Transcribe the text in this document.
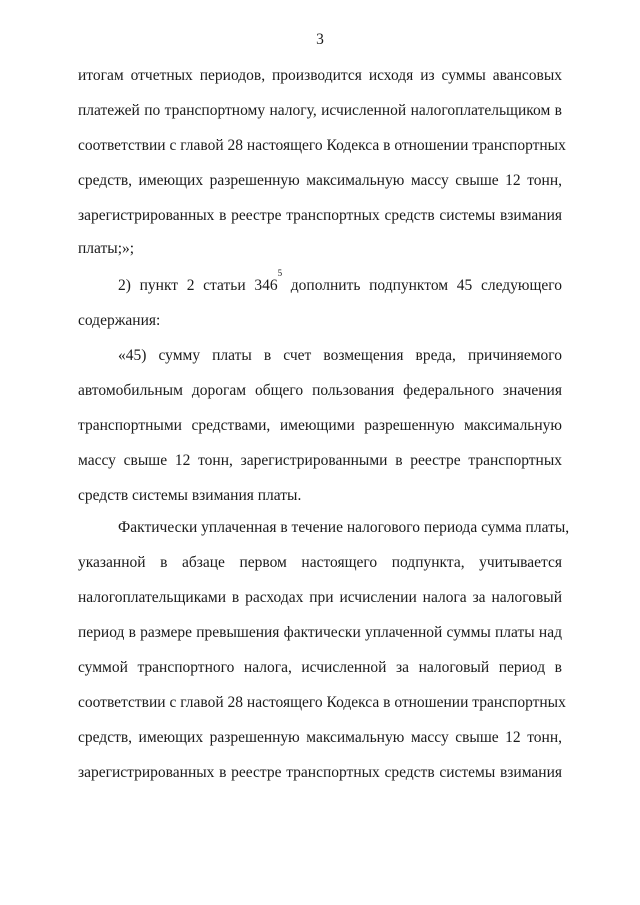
3
итогам отчетных периодов, производится исходя из суммы авансовых
платежей по транспортному налогу, исчисленной налогоплательщиком в
соответствии с главой 28 настоящего Кодекса в отношении транспортных
средств, имеющих разрешенную максимальную массу свыше 12 тонн,
зарегистрированных в реестре транспортных средств системы взимания
платы;»;
2) пункт 2 статьи $346^5$ дополнить подпунктом 45 следующего
содержания:
«45) сумму платы в счет возмещения вреда, причиняемого
автомобильным дорогам общего пользования федерального значения
транспортными средствами, имеющими разрешенную максимальную
массу свыше 12 тонн, зарегистрированными в реестре транспортных
средств системы взимания платы.
Фактически уплаченная в течение налогового периода сумма платы,
указанной в абзаце первом настоящего подпункта, учитывается
налогоплательщиками в расходах при исчислении налога за налоговый
период в размере превышения фактически уплаченной суммы платы над
суммой транспортного налога, исчисленной за налоговый период в
соответствии с главой 28 настоящего Кодекса в отношении транспортных
средств, имеющих разрешенную максимальную массу свыше 12 тонн,
зарегистрированных в реестре транспортных средств системы взимания
